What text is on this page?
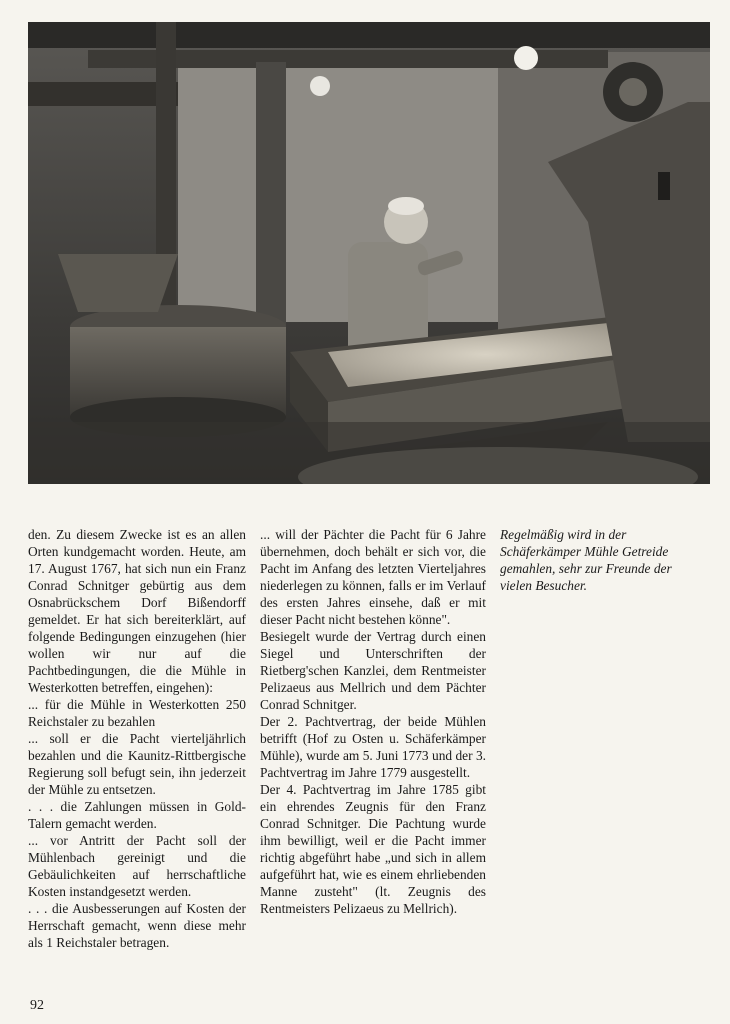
den. Zu diesem Zwecke ist es an allen Orten kundgemacht worden. Heute, am 17. August 1767, hat sich nun ein Franz Conrad Schnitger gebürtig aus dem Osnabrückschem Dorf Bißendorff gemeldet. Er hat sich bereiterklärt, auf folgende Bedingungen einzugehen (hier wollen wir nur auf die Pachtbedingungen, die die Mühle in Westerkotten betreffen, eingehen):

... für die Mühle in Westerkotten 250 Reichstaler zu bezahlen

... soll er die Pacht vierteljährlich bezahlen und die Kaunitz-Rittbergische Regierung soll befugt sein, ihn jederzeit der Mühle zu entsetzen.

. . . die Zahlungen müssen in Gold-Talern gemacht werden.

... vor Antritt der Pacht soll der Mühlenbach gereinigt und die Gebäulichkeiten auf herrschaftliche Kosten instandgesetzt werden.

. . . die Ausbesserungen auf Kosten der Herrschaft gemacht, wenn diese mehr als 1 Reichstaler betragen.

... will der Pächter die Pacht für 6 Jahre übernehmen, doch behält er sich vor, die Pacht im Anfang des letzten Vierteljahres niederlegen zu können, falls er im Verlauf des ersten Jahres einsehe, daß er mit dieser Pacht nicht bestehen könne".

Besiegelt wurde der Vertrag durch einen Siegel und Unterschriften der Rietberg'schen Kanzlei, dem Rentmeister Pelizaeus aus Mellrich und dem Pächter Conrad Schnitger.

Der 2. Pachtvertrag, der beide Mühlen betrifft (Hof zu Osten u. Schäferkämper Mühle), wurde am 5. Juni 1773 und der 3. Pachtvertrag im Jahre 1779 ausgestellt.

Der 4. Pachtvertrag im Jahre 1785 gibt ein ehrendes Zeugnis für den Franz Conrad Schnitger. Die Pachtung wurde ihm bewilligt, weil er die Pacht immer richtig abgeführt habe „und sich in allem aufgeführt hat, wie es einem ehrliebenden Manne zusteht" (lt. Zeugnis des Rentmeisters Pelizaeus zu Mellrich).

Regelmäßig wird in der Schäferkämper Mühle Getreide gemahlen, sehr zur Freunde der vielen Besucher.

92
